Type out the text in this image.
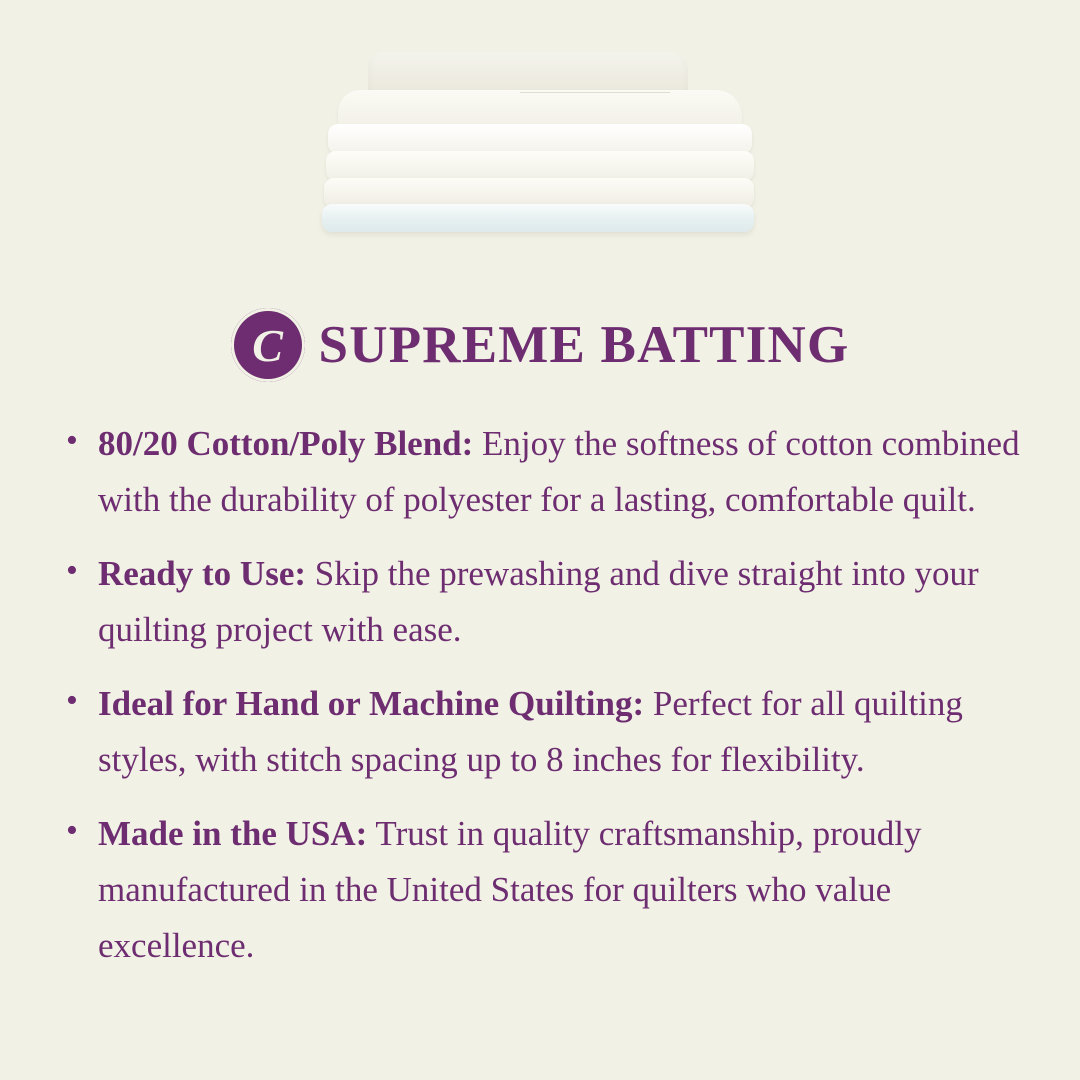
C SUPREME BATTING
• 80/20 Cotton/Poly Blend: Enjoy the softness of cotton combined with the durability of polyester for a lasting, comfortable quilt.
• Ready to Use: Skip the prewashing and dive straight into your quilting project with ease.
• Ideal for Hand or Machine Quilting: Perfect for all quilting styles, with stitch spacing up to 8 inches for flexibility.
• Made in the USA: Trust in quality craftsmanship, proudly manufactured in the United States for quilters who value excellence.
